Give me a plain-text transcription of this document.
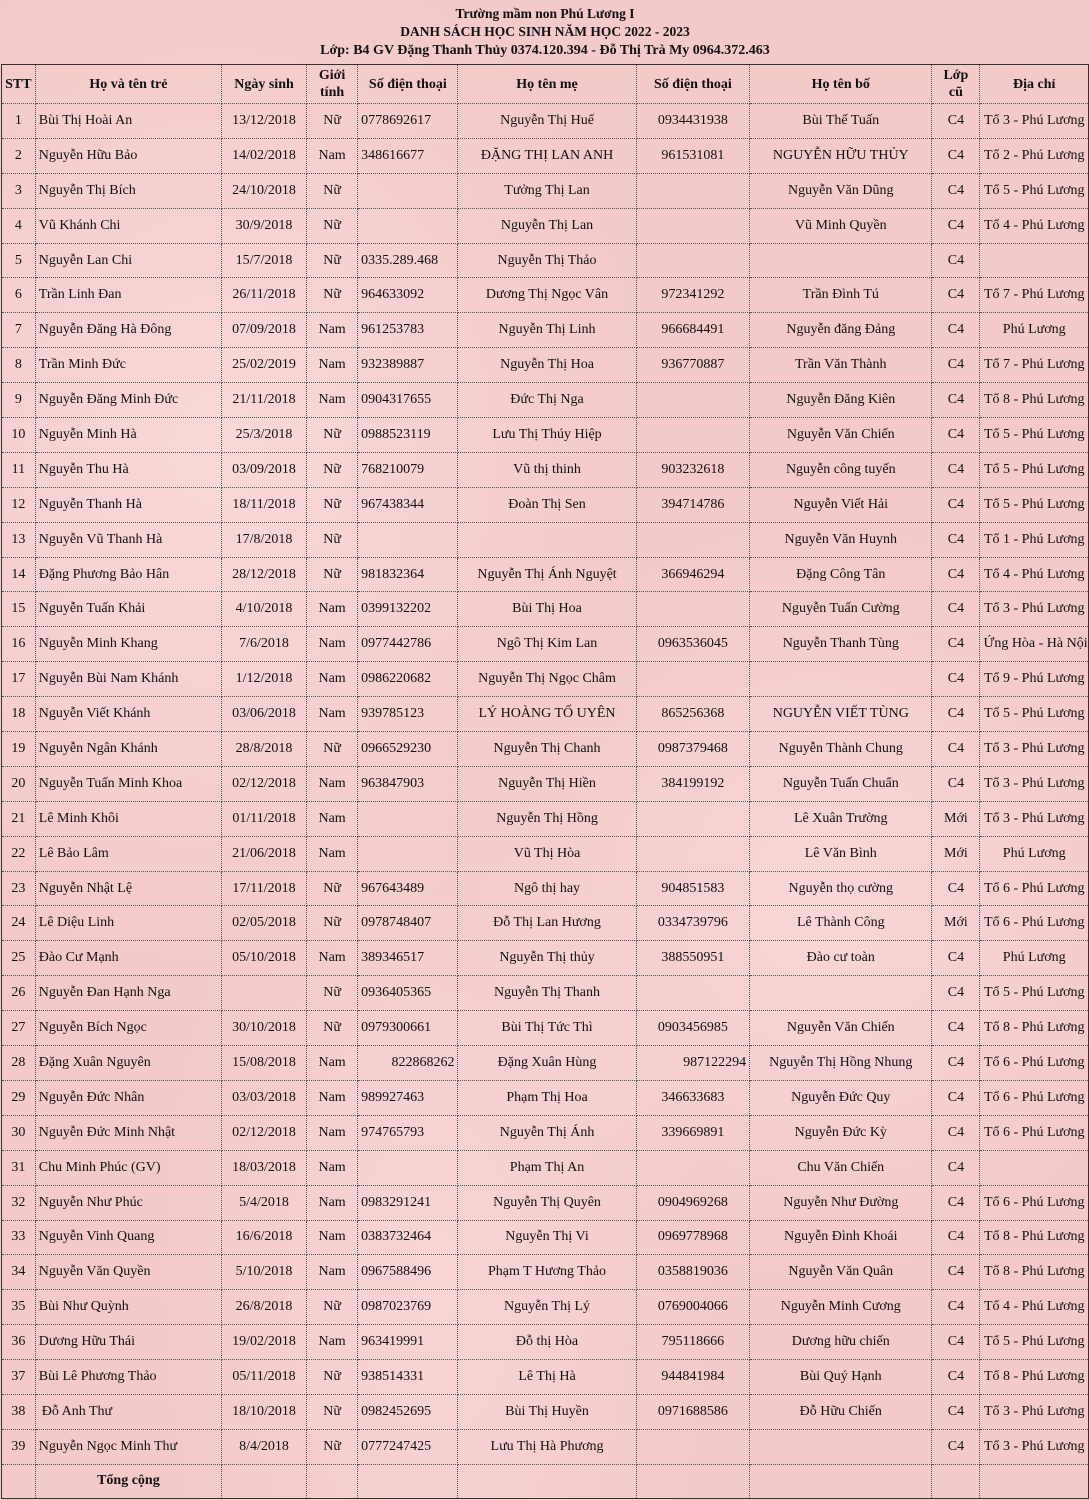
Trường mầm non Phú Lương I
DANH SÁCH HỌC SINH NĂM HỌC 2022 - 2023
Lớp: B4 GV Đặng Thanh Thủy 0374.120.394 - Đỗ Thị Trà My 0964.372.463
STT	Họ và tên trẻ	Ngày sinh	Giới tính	Số điện thoại	Họ tên mẹ	Số điện thoại	Họ tên bố	Lớp cũ	Địa chỉ
1	Bùi Thị Hoài An	13/12/2018	Nữ	0778692617	Nguyễn Thị Huế	0934431938	Bùi Thế Tuấn	C4	Tổ 3 - Phú Lương
2	Nguyễn Hữu Bảo	14/02/2018	Nam	348616677	ĐẶNG THỊ LAN ANH	961531081	NGUYỄN HỮU THỦY	C4	Tổ 2 - Phú Lương
3	Nguyễn Thị Bích	24/10/2018	Nữ		Tưởng Thị Lan		Nguyễn Văn Dũng	C4	Tổ 5 - Phú Lương
4	Vũ Khánh Chi	30/9/2018	Nữ		Nguyễn Thị Lan		Vũ Minh Quyền	C4	Tổ 4 - Phú Lương
5	Nguyễn Lan Chi	15/7/2018	Nữ	0335.289.468	Nguyễn Thị Thảo			C4	
6	Trần Linh Đan	26/11/2018	Nữ	964633092	Dương Thị Ngọc Vân	972341292	Trần Đình Tú	C4	Tổ 7 - Phú Lương
7	Nguyễn Đăng Hà Đông	07/09/2018	Nam	961253783	Nguyễn Thị Linh	966684491	Nguyễn đăng Đảng	C4	Phú Lương
8	Trần Minh Đức	25/02/2019	Nam	932389887	Nguyễn Thị Hoa	936770887	Trần Văn Thành	C4	Tổ 7 - Phú Lương
9	Nguyễn Đăng Minh Đức	21/11/2018	Nam	0904317655	Đức Thị Nga		Nguyễn Đăng Kiên	C4	Tổ 8 - Phú Lương
10	Nguyễn Minh Hà	25/3/2018	Nữ	0988523119	Lưu Thị Thúy Hiệp		Nguyễn Văn Chiến	C4	Tổ 5 - Phú Lương
11	Nguyễn Thu Hà	03/09/2018	Nữ	768210079	Vũ thị thinh	903232618	Nguyễn công tuyến	C4	Tổ 5 - Phú Lương
12	Nguyễn Thanh Hà	18/11/2018	Nữ	967438344	Đoàn Thị Sen	394714786	Nguyễn Viết Hải	C4	Tổ 5 - Phú Lương
13	Nguyễn Vũ Thanh Hà	17/8/2018	Nữ				Nguyễn Văn Huynh	C4	Tổ 1 - Phú Lương
14	Đặng Phương Bảo Hân	28/12/2018	Nữ	981832364	Nguyễn Thị Ánh Nguyệt	366946294	Đặng Công Tân	C4	Tổ 4 - Phú Lương
15	Nguyễn Tuấn Khải	4/10/2018	Nam	0399132202	Bùi Thị Hoa		Nguyễn Tuấn Cường	C4	Tổ 3 - Phú Lương
16	Nguyễn Minh Khang	7/6/2018	Nam	0977442786	Ngô Thị Kim Lan	0963536045	Nguyễn Thanh Tùng	C4	Ứng Hòa - Hà Nội
17	Nguyễn Bùi Nam Khánh	1/12/2018	Nam	0986220682	Nguyễn Thị Ngọc Châm			C4	Tổ 9 - Phú Lương
18	Nguyễn Viết Khánh	03/06/2018	Nam	939785123	LÝ HOÀNG TỐ UYÊN	865256368	NGUYỄN VIẾT TÙNG	C4	Tổ 5 - Phú Lương
19	Nguyễn Ngân Khánh	28/8/2018	Nữ	0966529230	Nguyễn Thị Chanh	0987379468	Nguyễn Thành Chung	C4	Tổ 3 - Phú Lương
20	Nguyễn Tuấn Minh Khoa	02/12/2018	Nam	963847903	Nguyễn Thị Hiền	384199192	Nguyễn Tuấn Chuẩn	C4	Tổ 3 - Phú Lương
21	Lê Minh Khôi	01/11/2018	Nam		Nguyễn Thị Hồng		Lê Xuân Trường	Mới	Tổ 3 - Phú Lương
22	Lê Bảo Lâm	21/06/2018	Nam		Vũ Thị Hòa		Lê Văn Bình	Mới	Phú Lương
23	Nguyễn Nhật Lệ	17/11/2018	Nữ	967643489	Ngô thị hay	904851583	Nguyễn thọ cường	C4	Tổ 6 - Phú Lương
24	Lê Diệu Linh	02/05/2018	Nữ	0978748407	Đỗ Thị Lan Hương	0334739796	Lê Thành Công	Mới	Tổ 6 - Phú Lương
25	Đào Cư Mạnh	05/10/2018	Nam	389346517	Nguyễn Thị thủy	388550951	Đào cư toàn	C4	Phú Lương
26	Nguyễn Đan Hạnh Nga		Nữ	0936405365	Nguyễn Thị Thanh			C4	Tổ 5 - Phú Lương
27	Nguyễn Bích Ngọc	30/10/2018	Nữ	0979300661	Bùi Thị Tức Thì	0903456985	Nguyễn Văn Chiến	C4	Tổ 8 - Phú Lương
28	Đặng Xuân Nguyên	15/08/2018	Nam	822868262	Đặng Xuân Hùng	987122294	Nguyễn Thị Hồng Nhung	C4	Tổ 6 - Phú Lương
29	Nguyễn Đức Nhân	03/03/2018	Nam	989927463	Phạm Thị Hoa	346633683	Nguyễn Đức Quy	C4	Tổ 6 - Phú Lương
30	Nguyễn Đức Minh Nhật	02/12/2018	Nam	974765793	Nguyễn Thị Ánh	339669891	Nguyễn Đức Kỳ	C4	Tổ 6 - Phú Lương
31	Chu Minh Phúc (GV)	18/03/2018	Nam		Phạm Thị An		Chu Văn Chiến	C4	
32	Nguyễn Như Phúc	5/4/2018	Nam	0983291241	Nguyễn Thị Quyên	0904969268	Nguyễn Như Đường	C4	Tổ 6 - Phú Lương
33	Nguyễn Vinh Quang	16/6/2018	Nam	0383732464	Nguyễn Thị Vi	0969778968	Nguyễn Đình Khoái	C4	Tổ 8 - Phú Lương
34	Nguyễn Văn Quyền	5/10/2018	Nam	0967588496	Phạm T Hương Thảo	0358819036	Nguyễn Văn Quân	C4	Tổ 8 - Phú Lương
35	Bùi Như Quỳnh	26/8/2018	Nữ	0987023769	Nguyễn Thị Lý	0769004066	Nguyễn Minh Cương	C4	Tổ 4 - Phú Lương
36	Dương Hữu Thái	19/02/2018	Nam	963419991	Đỗ thị Hòa	795118666	Dương hữu chiến	C4	Tổ 5 - Phú Lương
37	Bùi Lê Phương Thảo	05/11/2018	Nữ	938514331	Lê Thị Hà	944841984	Bùi Quý Hạnh	C4	Tổ 8 - Phú Lương
38	Đỗ Anh Thư	18/10/2018	Nữ	0982452695	Bùi Thị Huyền	0971688586	Đỗ Hữu Chiến	C4	Tổ 3 - Phú Lương
39	Nguyễn Ngọc Minh Thư	8/4/2018	Nữ	0777247425	Lưu Thị Hà Phương			C4	Tổ 3 - Phú Lương
	Tổng cộng								
